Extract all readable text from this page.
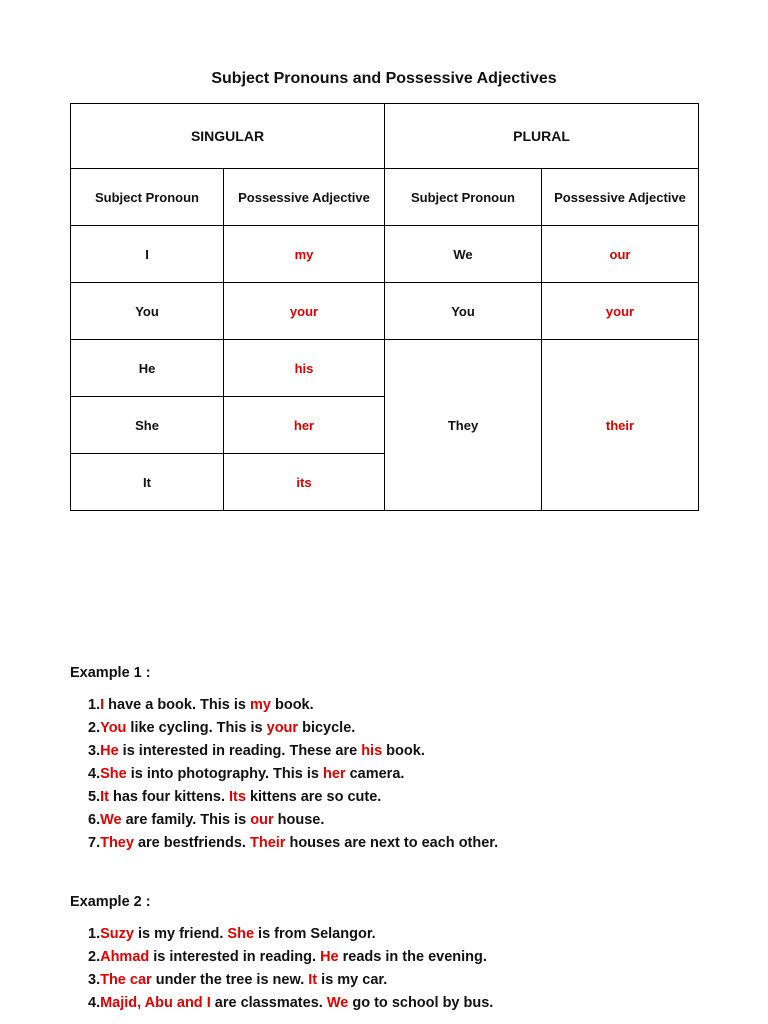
Subject Pronouns and Possessive Adjectives
SINGULAR		PLURAL	
Subject Pronoun	Possessive Adjective	Subject Pronoun	Possessive Adjective
I	my	We	our
You	your	You	your
He	his	They	their
She	her		
It	its		
Example 1 :
1.I have a book. This is my book.
2.You like cycling. This is your bicycle.
3.He is interested in reading. These are his book.
4.She is into photography. This is her camera.
5.It has four kittens. Its kittens are so cute.
6.We are family. This is our house.
7.They are bestfriends. Their houses are next to each other.
Example 2 :
1.Suzy is my friend. She is from Selangor.
2.Ahmad is interested in reading. He reads in the evening.
3.The car under the tree is new. It is my car.
4.Majid, Abu and I are classmates. We go to school by bus.
